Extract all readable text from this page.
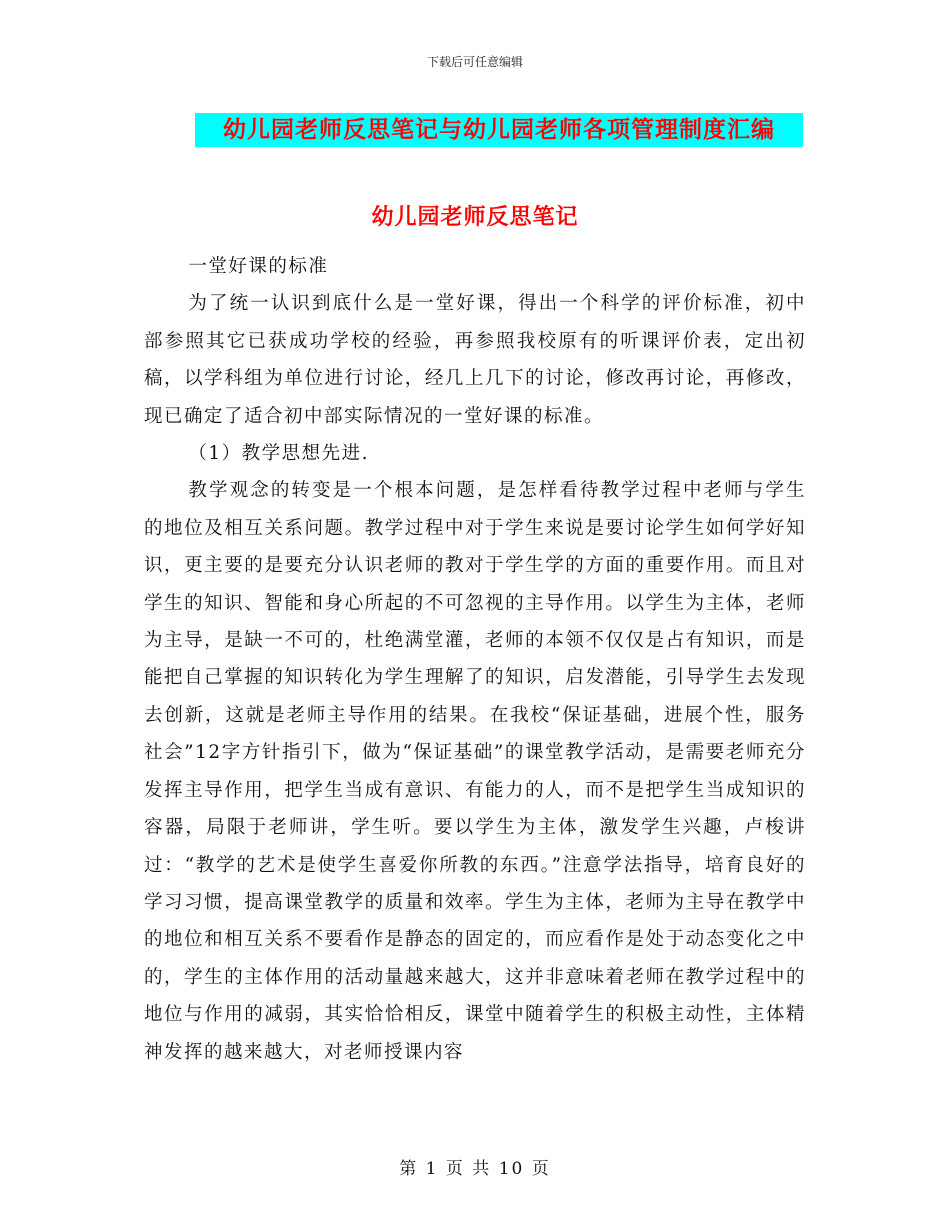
下载后可任意编辑
幼儿园老师反思笔记与幼儿园老师各项管理制度汇编
幼儿园老师反思笔记

一堂好课的标准

为了统一认识到底什么是一堂好课，得出一个科学的评价标准，初中部参照其它已获成功学校的经验，再参照我校原有的听课评价表，定出初稿，以学科组为单位进行讨论，经几上几下的讨论，修改再讨论，再修改，现已确定了适合初中部实际情况的一堂好课的标准。

（1）教学思想先进.

教学观念的转变是一个根本问题，是怎样看待教学过程中老师与学生的地位及相互关系问题。教学过程中对于学生来说是要讨论学生如何学好知识，更主要的是要充分认识老师的教对于学生学的方面的重要作用。而且对学生的知识、智能和身心所起的不可忽视的主导作用。以学生为主体，老师为主导，是缺一不可的，杜绝满堂灌，老师的本领不仅仅是占有知识，而是能把自己掌握的知识转化为学生理解了的知识，启发潜能，引导学生去发现去创新，这就是老师主导作用的结果。在我校“保证基础，进展个性，服务社会”12字方针指引下，做为“保证基础”的课堂教学活动，是需要老师充分发挥主导作用，把学生当成有意识、有能力的人，而不是把学生当成知识的容器，局限于老师讲，学生听。要以学生为主体，激发学生兴趣，卢梭讲过：“教学的艺术是使学生喜爱你所教的东西。”注意学法指导，培育良好的学习习惯，提高课堂教学的质量和效率。学生为主体，老师为主导在教学中的地位和相互关系不要看作是静态的固定的，而应看作是处于动态变化之中的，学生的主体作用的活动量越来越大，这并非意味着老师在教学过程中的地位与作用的减弱，其实恰恰相反，课堂中随着学生的积极主动性，主体精神发挥的越来越大，对老师授课内容

第 1 页 共 10 页
